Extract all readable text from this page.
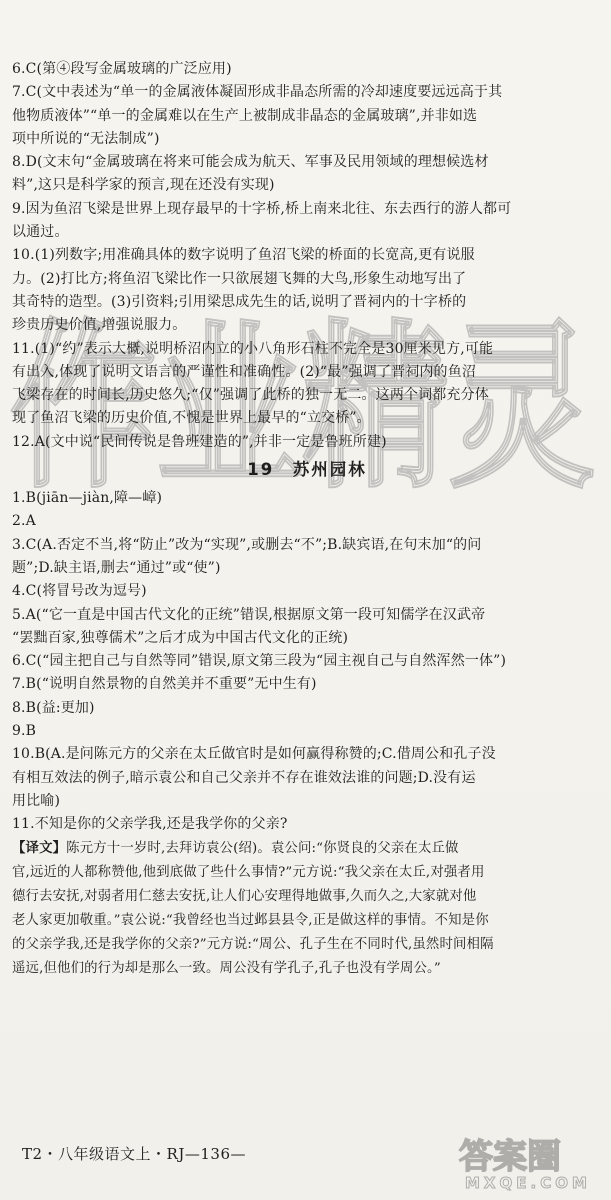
作业精灵

6.C(第④段写金属玻璃的广泛应用)

7.C(文中表述为“单一的金属液体凝固形成非晶态所需的冷却速度要远远高于其

他物质液体”“单一的金属难以在生产上被制成非晶态的金属玻璃”,并非如选

项中所说的“无法制成”)

8.D(文末句“金属玻璃在将来可能会成为航天、军事及民用领域的理想候选材

料”,这只是科学家的预言,现在还没有实现)

9.因为鱼沼飞梁是世界上现存最早的十字桥,桥上南来北往、东去西行的游人都可

以通过。

10.(1)列数字;用准确具体的数字说明了鱼沼飞梁的桥面的长宽高,更有说服

力。(2)打比方;将鱼沼飞梁比作一只欲展翅飞舞的大鸟,形象生动地写出了

其奇特的造型。(3)引资料;引用梁思成先生的话,说明了晋祠内的十字桥的

珍贵历史价值,增强说服力。

11.(1)“约”表示大概,说明桥沼内立的小八角形石柱不完全是30厘米见方,可能

有出入,体现了说明文语言的严谨性和准确性。(2)“最”强调了晋祠内的鱼沼

飞梁存在的时间长,历史悠久;“仅”强调了此桥的独一无二。这两个词都充分体

现了鱼沼飞梁的历史价值,不愧是世界上最早的“立交桥”。

12.A(文中说“民间传说是鲁班建造的”,并非一定是鲁班所建)

19　苏州园林

1.B(jiān—jiàn,障—嶂)

2.A

3.C(A.否定不当,将“防止”改为“实现”,或删去“不”;B.缺宾语,在句末加“的问

题”;D.缺主语,删去“通过”或“使”)

4.C(将冒号改为逗号)

5.A(“它一直是中国古代文化的正统”错误,根据原文第一段可知儒学在汉武帝

“罢黜百家,独尊儒术”之后才成为中国古代文化的正统)

6.C(“园主把自己与自然等同”错误,原文第三段为“园主视自己与自然浑然一体”)

7.B(“说明自然景物的自然美并不重要”无中生有)

8.B(益:更加)

9.B

10.B(A.是问陈元方的父亲在太丘做官时是如何赢得称赞的;C.借周公和孔子没

有相互效法的例子,暗示袁公和自己父亲并不存在谁效法谁的问题;D.没有运

用比喻)

11.不知是你的父亲学我,还是我学你的父亲?

【译文】陈元方十一岁时,去拜访袁公(绍)。袁公问:“你贤良的父亲在太丘做

官,远近的人都称赞他,他到底做了些什么事情?”元方说:“我父亲在太丘,对强者用

德行去安抚,对弱者用仁慈去安抚,让人们心安理得地做事,久而久之,大家就对他

老人家更加敬重。”袁公说:“我曾经也当过邺县县令,正是做这样的事情。不知是你

的父亲学我,还是我学你的父亲?”元方说:“周公、孔子生在不同时代,虽然时间相隔

遥远,但他们的行为却是那么一致。周公没有学孔子,孔子也没有学周公。”

T2・八年级语文上・RJ—136—	答案圈
MXQE.COM
